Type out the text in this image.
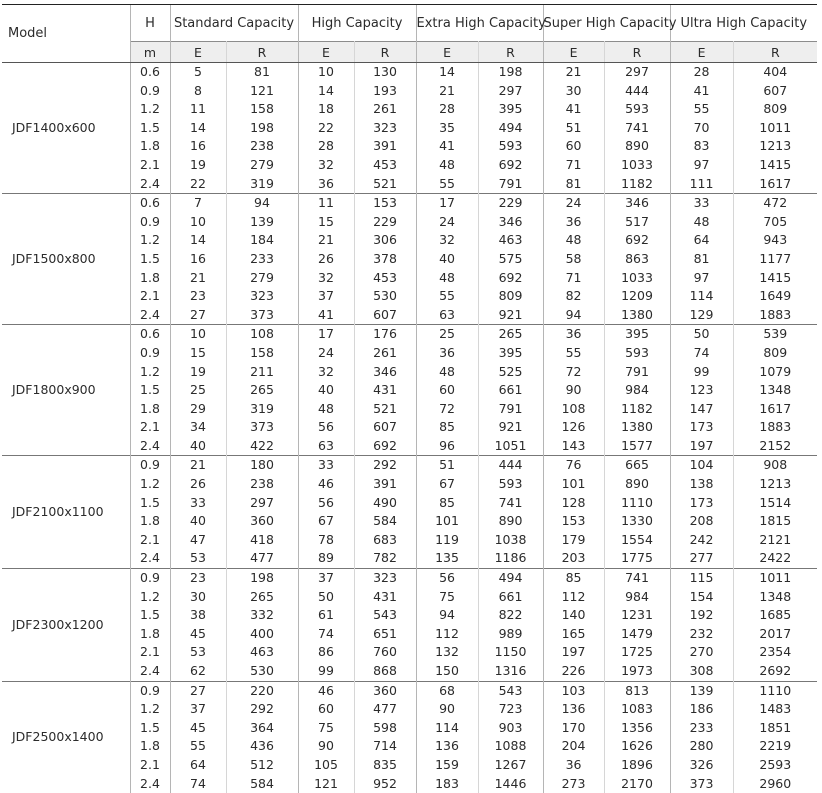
Model	H	Standard Capacity		High Capacity		Extra High Capacity		Super High Capacity		Ultra High Capacity	
	m	E	R	E	R	E	R	E	R	E	R
JDF1400x600	0.6	5	81	10	130	14	198	21	297	28	404
	0.9	8	121	14	193	21	297	30	444	41	607
	1.2	11	158	18	261	28	395	41	593	55	809
	1.5	14	198	22	323	35	494	51	741	70	1011
	1.8	16	238	28	391	41	593	60	890	83	1213
	2.1	19	279	32	453	48	692	71	1033	97	1415
	2.4	22	319	36	521	55	791	81	1182	111	1617
JDF1500x800	0.6	7	94	11	153	17	229	24	346	33	472
	0.9	10	139	15	229	24	346	36	517	48	705
	1.2	14	184	21	306	32	463	48	692	64	943
	1.5	16	233	26	378	40	575	58	863	81	1177
	1.8	21	279	32	453	48	692	71	1033	97	1415
	2.1	23	323	37	530	55	809	82	1209	114	1649
	2.4	27	373	41	607	63	921	94	1380	129	1883
JDF1800x900	0.6	10	108	17	176	25	265	36	395	50	539
	0.9	15	158	24	261	36	395	55	593	74	809
	1.2	19	211	32	346	48	525	72	791	99	1079
	1.5	25	265	40	431	60	661	90	984	123	1348
	1.8	29	319	48	521	72	791	108	1182	147	1617
	2.1	34	373	56	607	85	921	126	1380	173	1883
	2.4	40	422	63	692	96	1051	143	1577	197	2152
JDF2100x1100	0.9	21	180	33	292	51	444	76	665	104	908
	1.2	26	238	46	391	67	593	101	890	138	1213
	1.5	33	297	56	490	85	741	128	1110	173	1514
	1.8	40	360	67	584	101	890	153	1330	208	1815
	2.1	47	418	78	683	119	1038	179	1554	242	2121
	2.4	53	477	89	782	135	1186	203	1775	277	2422
JDF2300x1200	0.9	23	198	37	323	56	494	85	741	115	1011
	1.2	30	265	50	431	75	661	112	984	154	1348
	1.5	38	332	61	543	94	822	140	1231	192	1685
	1.8	45	400	74	651	112	989	165	1479	232	2017
	2.1	53	463	86	760	132	1150	197	1725	270	2354
	2.4	62	530	99	868	150	1316	226	1973	308	2692
JDF2500x1400	0.9	27	220	46	360	68	543	103	813	139	1110
	1.2	37	292	60	477	90	723	136	1083	186	1483
	1.5	45	364	75	598	114	903	170	1356	233	1851
	1.8	55	436	90	714	136	1088	204	1626	280	2219
	2.1	64	512	105	835	159	1267	36	1896	326	2593
	2.4	74	584	121	952	183	1446	273	2170	373	2960
